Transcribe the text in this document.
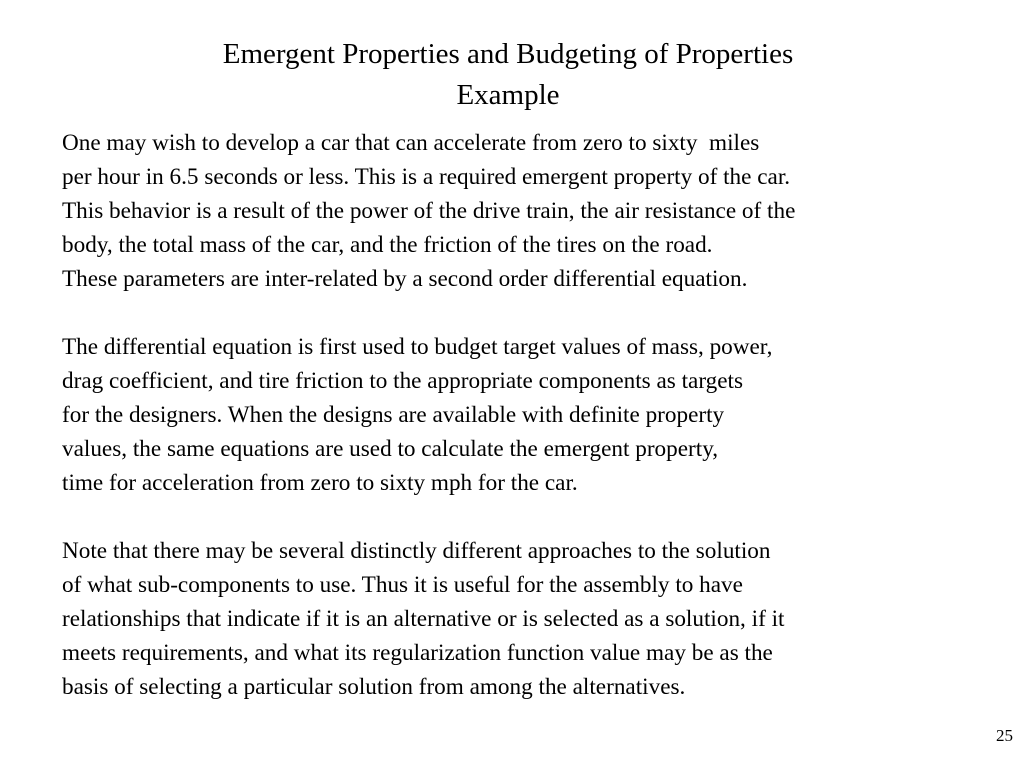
Emergent Properties and Budgeting of Properties
Example
One may wish to develop a car that can accelerate from zero to sixty  miles
per hour in 6.5 seconds or less. This is a required emergent property of the car.
This behavior is a result of the power of the drive train, the air resistance of the
body, the total mass of the car, and the friction of the tires on the road.
These parameters are inter-related by a second order differential equation.
The differential equation is first used to budget target values of mass, power,
drag coefficient, and tire friction to the appropriate components as targets
for the designers. When the designs are available with definite property
values, the same equations are used to calculate the emergent property,
time for acceleration from zero to sixty mph for the car.
Note that there may be several distinctly different approaches to the solution
of what sub-components to use. Thus it is useful for the assembly to have
relationships that indicate if it is an alternative or is selected as a solution, if it
meets requirements, and what its regularization function value may be as the
basis of selecting a particular solution from among the alternatives.
25
